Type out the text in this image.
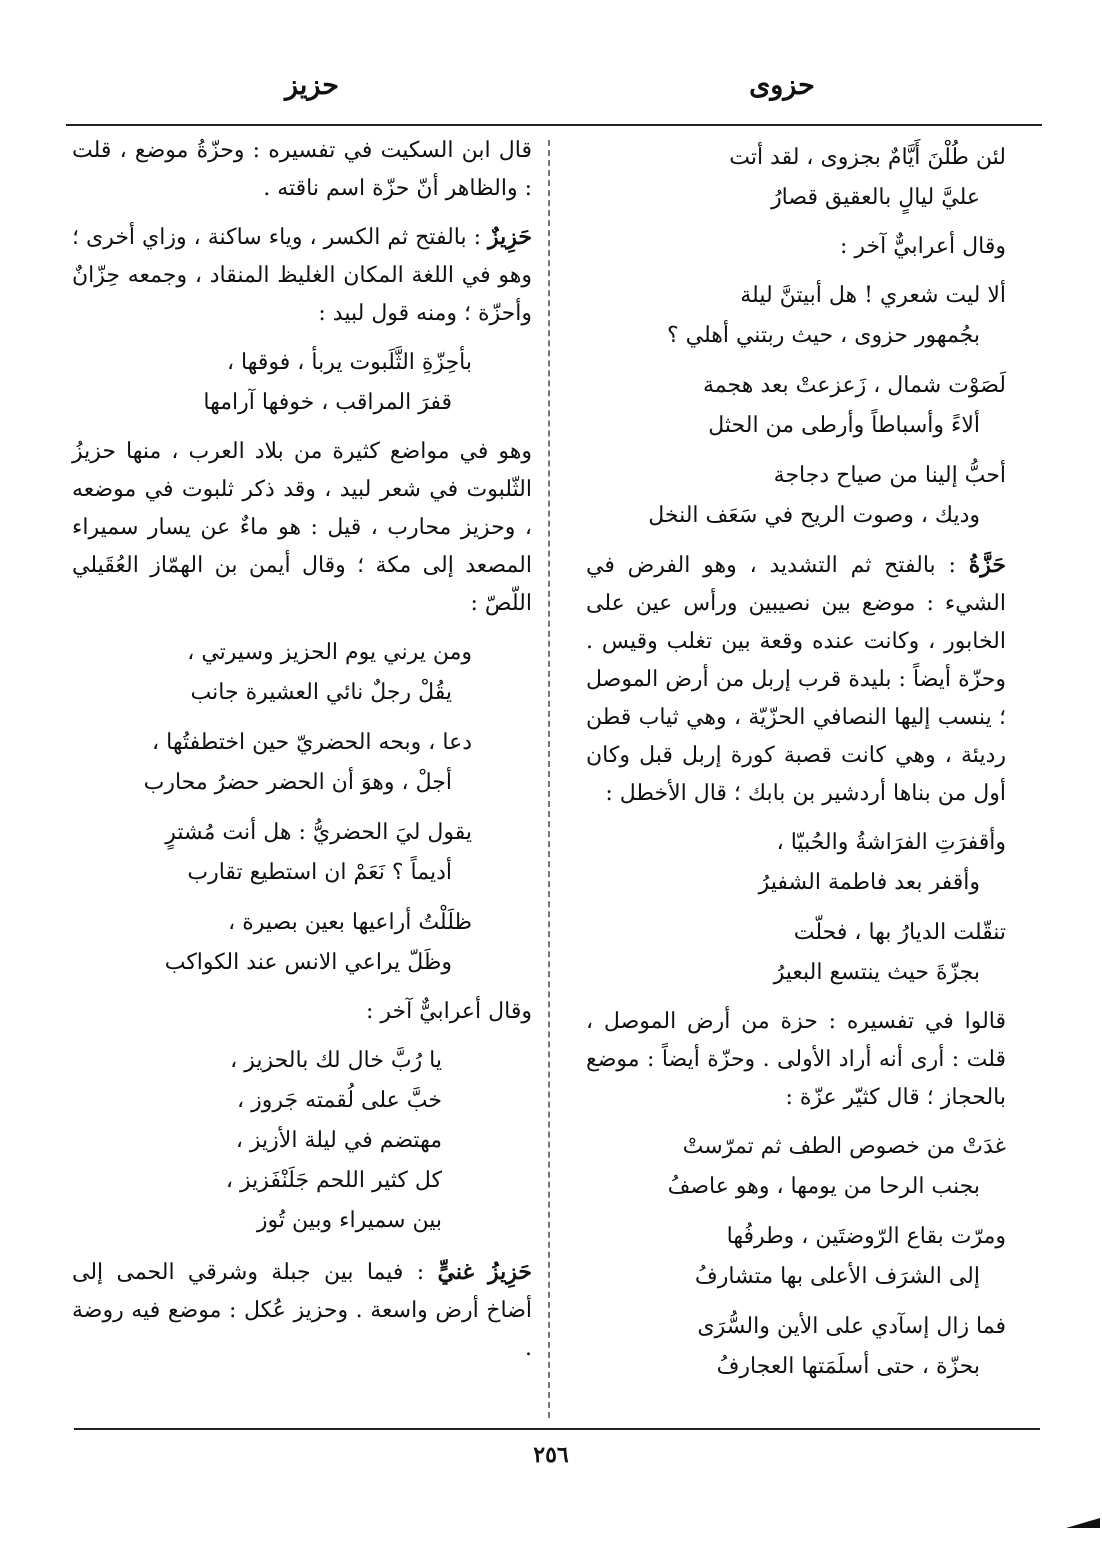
حزوى
حزيز
لئن طُلْنَ أَيَّامٌ بجزوى ، لقد أتت
عليَّ ليالٍ بالعقيق قصارُ

وقال أعرابيٌّ آخر :

ألا ليت شعري ! هل أبيتنَّ ليلة
بجُمهور حزوى ، حيث ربتني أهلي ؟
لَصَوْت شمال ، زَعزعتْ بعد هجمة
ألاءً وأسباطاً وأرطى من الحثل
أحبُّ إلينا من صياح دجاجة
وديك ، وصوت الريح في سَعَف النخل

حَزَّةُ : بالفتح ثم التشديد ، وهو الفرض في الشيء : موضع بين نصيبين ورأس عين على الخابور ، وكانت عنده وقعة بين تغلب وقيس . وحزّة أيضاً : بليدة قرب إربل من أرض الموصل ؛ ينسب إليها النصافي الحزّيّة ، وهي ثياب قطن رديئة ، وهي كانت قصبة كورة إربل قبل وكان أول من بناها أردشير بن بابك ؛ قال الأخطل :

وأقفرَتِ الفرَاشةُ والحُبيّا ،
وأقفر بعد فاطمة الشفيرُ
تنقّلت الديارُ بها ، فحلّت
بجزّةَ حيث ينتسع البعيرُ

قالوا في تفسيره : حزة من أرض الموصل ، قلت : أرى أنه أراد الأولى . وحزّة أيضاً : موضع بالحجاز ؛ قال كثيّر عزّة :

غدَتْ من خصوص الطف ثم تمرّستْ
بجنب الرحا من يومها ، وهو عاصفُ
ومرّت بقاع الرّوضتَين ، وطرفُها
إلى الشرَف الأعلى بها متشارفُ
فما زال إسآدي على الأين والسُّرَى
بحزّة ، حتى أسلَمَتها العجارفُ

قال ابن السكيت في تفسيره : وحزّةُ موضع ، قلت : والظاهر أنّ حزّة اسم ناقته .

حَزِيزٌ : بالفتح ثم الكسر ، وياء ساكنة ، وزاي أخرى ؛ وهو في اللغة المكان الغليظ المنقاد ، وجمعه حِزّانٌ وأحزّة ؛ ومنه قول لبيد :

بأحِزّةِ الثَّلَبوت يربأ ، فوقها ،
قفرَ المراقب ، خوفها آرامها

وهو في مواضع كثيرة من بلاد العرب ، منها حزيزُ الثّلبوت في شعر لبيد ، وقد ذكر ثلبوت في موضعه ، وحزيز محارب ، قيل : هو ماءٌ عن يسار سميراء المصعد إلى مكة ؛ وقال أيمن بن الهمّاز العُقَيلي اللّصّ :

ومن يرني يوم الحزيز وسيرتي ،
يقُلْ رجلٌ نائي العشيرة جانب
دعا ، وبحه الحضريّ حين اختطفتُها ،
أجلْ ، وهوَ أن الحضر حضرُ محارب
يقول ليَ الحضريُّ : هل أنت مُشترٍ
أديماً ؟ نَعَمْ ان استطيع تقارب
ظلَلْتُ أراعيها بعين بصيرة ،
وظَلّ يراعي الانس عند الكواكب

وقال أعرابيٌّ آخر :

يا رُبَّ خال لك بالحزيز ،
خبَّ على لُقمته جَروز ،
مهتضم في ليلة الأزيز ،
كل كثير اللحم جَلَنْفَزيز ،
بين سميراء وبين تُوز

حَزِيزُ غنيٍّ : فيما بين جبلة وشرقي الحمى إلى أضاخ أرض واسعة . وحزيز عُكل : موضع فيه روضة .

٢٥٦
